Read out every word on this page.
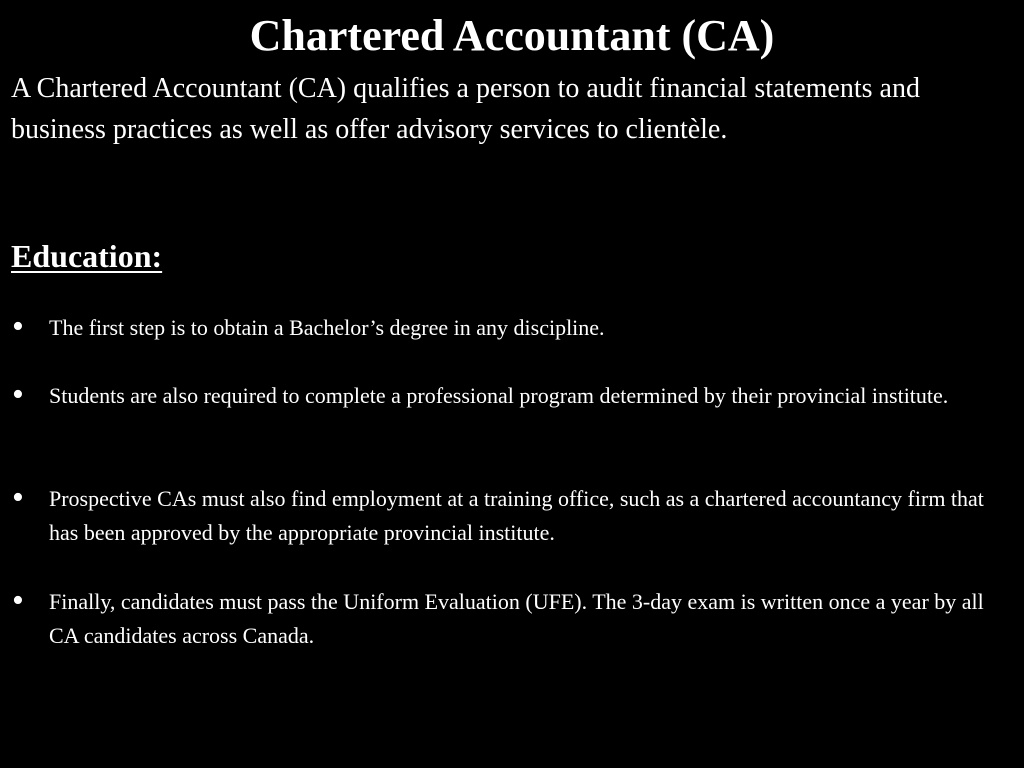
Chartered Accountant (CA)

A Chartered Accountant (CA) qualifies a person to audit financial statements and business practices as well as offer advisory services to clientèle.

Education:
• The first step is to obtain a Bachelor’s degree in any discipline.

• Students are also required to complete a professional program determined by their provincial institute.

• Prospective CAs must also find employment at a training office, such as a chartered accountancy firm that has been approved by the appropriate provincial institute.

• Finally, candidates must pass the Uniform Evaluation (UFE). The 3-day exam is written once a year by all CA candidates across Canada.
